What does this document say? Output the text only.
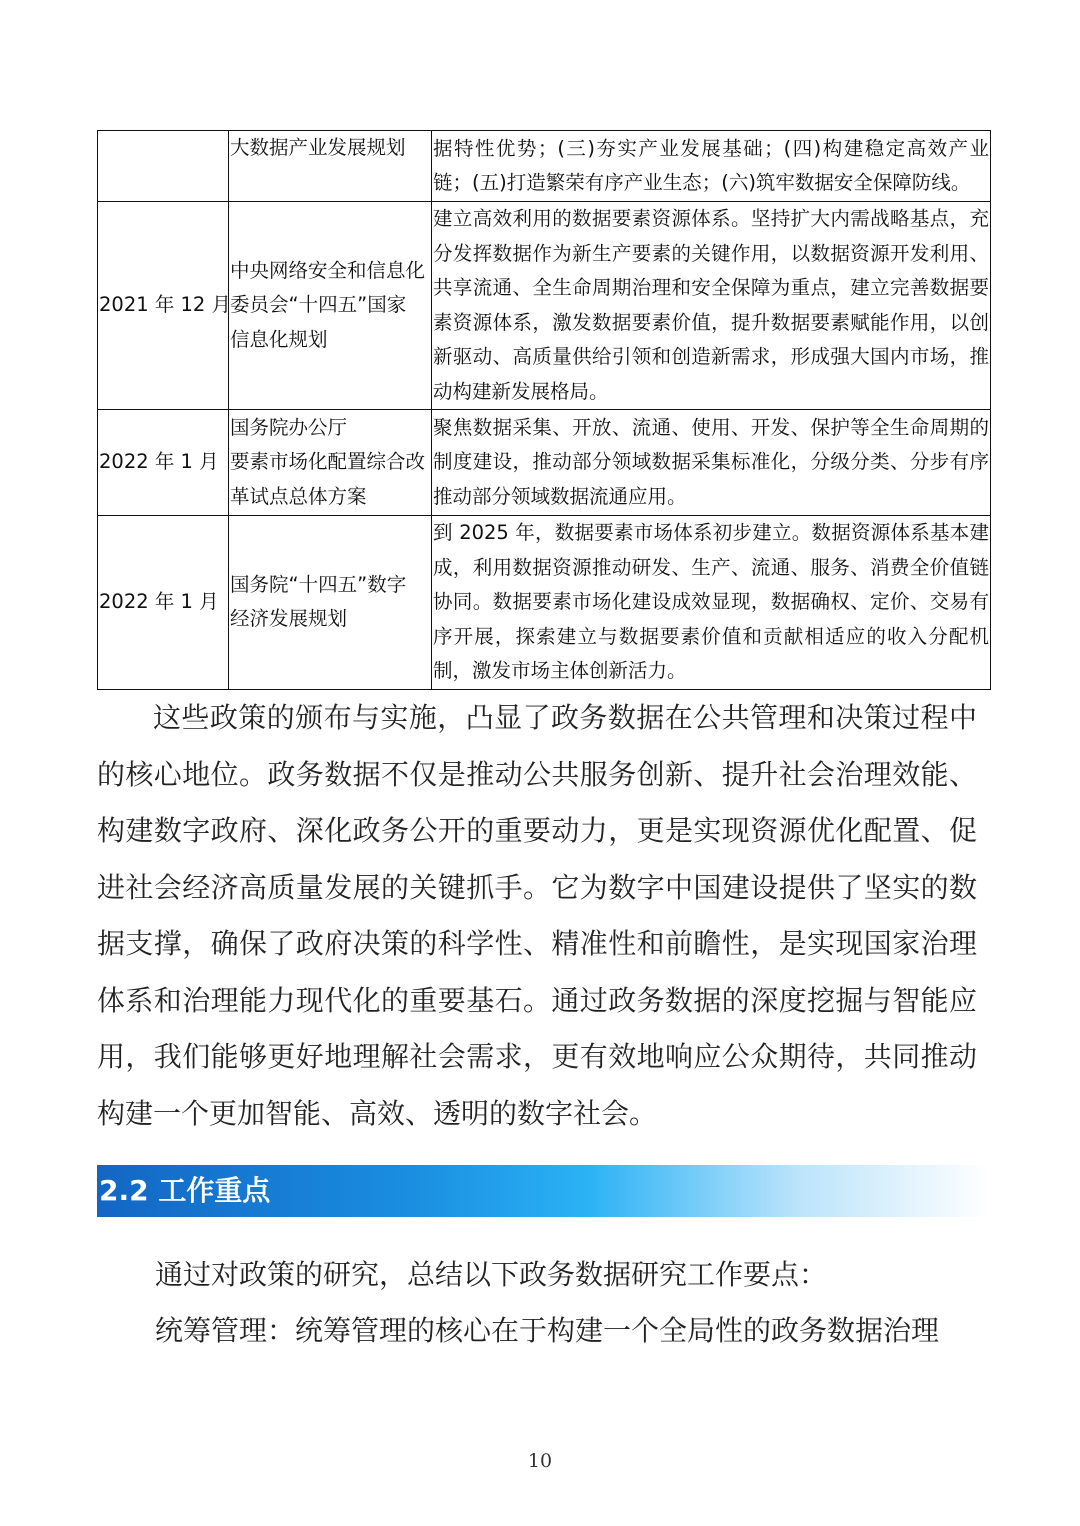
	大数据产业发展规划	据特性优势；(三)夯实产业发展基础；(四)构建稳定高效产业链；(五)打造繁荣有序产业生态；(六)筑牢数据安全保障防线。
2021 年 12 月	中央网络安全和信息化
委员会“十四五”国家
信息化规划	建立高效利用的数据要素资源体系。坚持扩大内需战略基点，充分发挥数据作为新生产要素的关键作用，以数据资源开发利用、共享流通、全生命周期治理和安全保障为重点，建立完善数据要素资源体系，激发数据要素价值，提升数据要素赋能作用，以创新驱动、高质量供给引领和创造新需求，形成强大国内市场，推动构建新发展格局。
2022 年 1 月	国务院办公厅
要素市场化配置综合改
革试点总体方案	聚焦数据采集、开放、流通、使用、开发、保护等全生命周期的制度建设，推动部分领域数据采集标准化，分级分类、分步有序推动部分领域数据流通应用。
2022 年 1 月	国务院“十四五”数字
经济发展规划	到 2025 年，数据要素市场体系初步建立。数据资源体系基本建成，利用数据资源推动研发、生产、流通、服务、消费全价值链协同。数据要素市场化建设成效显现，数据确权、定价、交易有序开展，探索建立与数据要素价值和贡献相适应的收入分配机制，激发市场主体创新活力。

这些政策的颁布与实施，凸显了政务数据在公共管理和决策过程中的核心地位。政务数据不仅是推动公共服务创新、提升社会治理效能、构建数字政府、深化政务公开的重要动力，更是实现资源优化配置、促进社会经济高质量发展的关键抓手。它为数字中国建设提供了坚实的数据支撑，确保了政府决策的科学性、精准性和前瞻性，是实现国家治理体系和治理能力现代化的重要基石。通过政务数据的深度挖掘与智能应用，我们能够更好地理解社会需求，更有效地响应公众期待，共同推动构建一个更加智能、高效、透明的数字社会。

2.2 工作重点
通过对政策的研究，总结以下政务数据研究工作要点：
统筹管理：统筹管理的核心在于构建一个全局性的政务数据治理
10
